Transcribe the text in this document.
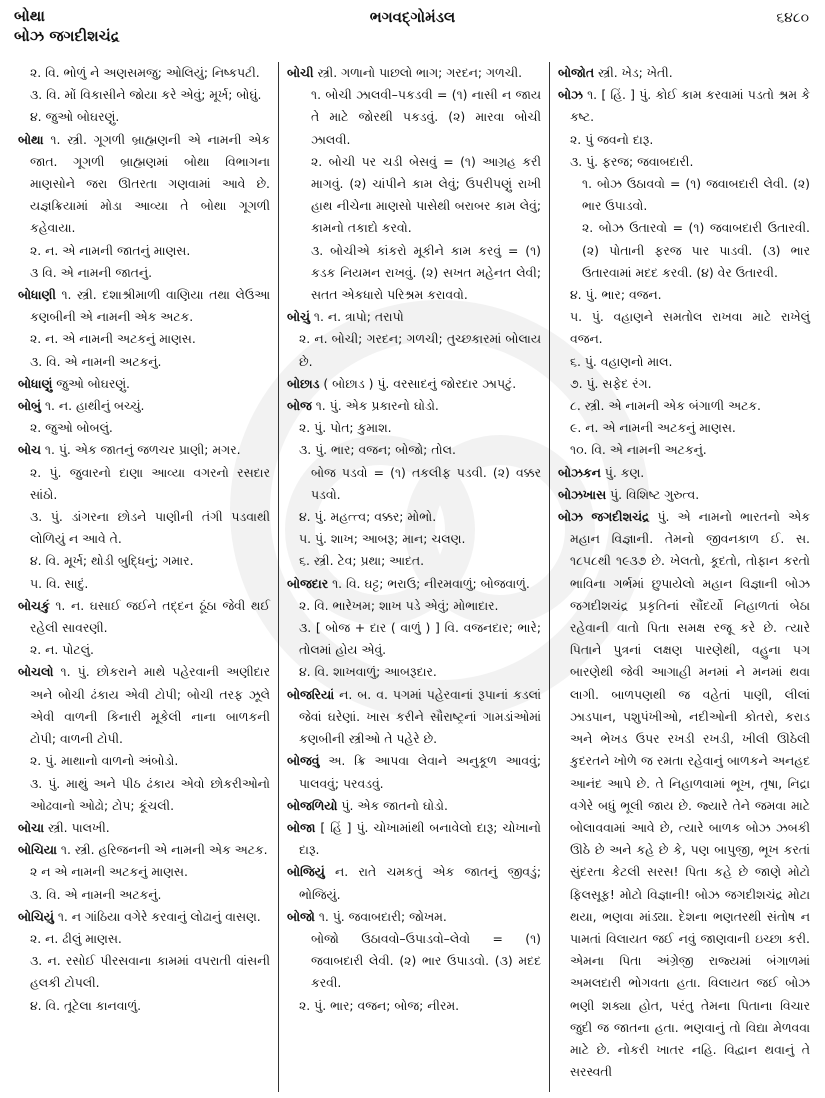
બોથા
બોઝ જગદીશચંદ્ર
ભગવદ્ગોમંડલ	૬૪૮૦
૨. વિ. ભોળું ને અણસમજુ; ઓલિયું; નિષ્કપટી.
૩. વિ. મોં વિકાસીને જોયા કરે એવું; મૂર્ખ; બોઘું.
૪. જુઓ બોઘરણું.
બોથા ૧. સ્ત્રી. ગૂગળી બ્રાહ્મણની એ નામની એક જાત. ગૂગળી બ્રાહ્મણમાં બોથા વિભાગના માણસોને જરા ઊતરતા ગણવામાં આવે છે. યજ્ઞક્રિયામાં મોડા આવ્યા તે બોથા ગૂગળી કહેવાયા.
૨. ન. એ નામની જાતનું માણસ.
૩ વિ. એ નામની જાતનું.
બોધાણી ૧. સ્ત્રી. દશાશ્રીમાળી વાણિયા તથા લેઉઆ કણબીની એ નામની એક અટક.
૨. ન. એ નામની અટકનું માણસ.
૩. વિ. એ નામની અટકનું.
બોધાણું જુઓ બોઘરણું.
બોબું ૧. ન. હાથીનું બચ્ચું.
૨. જુઓ બોબલું.
બોચ ૧. પું. એક જાતનું જળચર પ્રાણી; મગર.
૨. પું. જુવારનો દાણા આવ્યા વગરનો રસદાર સાંઠો.
૩. પું. ડાંગરના છોડને પાણીની તંગી પડવાથી લોળિયું ન આવે તે.
૪. વિ. મૂર્ખ; થોડી બુદ્ધિનું; ગમાર.
૫. વિ. સાદું.
બોચકું ૧. ન. ઘસાઈ જઈને તદ્દન ઠૂંઠા જેવી થઈ રહેલી સાવરણી.
૨. ન. પોટલું.
બોચલો ૧. પું. છોકરાને માથે પહેરવાની અણીદાર અને બોચી ઢંકાય એવી ટોપી; બોચી તરફ ઝૂલે એવી વાળની કિનારી મૂકેલી નાના બાળકની ટોપી; વાળની ટોપી.
૨. પું. માથાનો વાળનો અંબોડો.
૩. પું. માથું અને પીઠ ઢંકાય એવો છોકરીઓનો ઓઢવાનો ઓઢો; ટોપ; કૂંચલી.
બોચા સ્ત્રી. પાલખી.
બોચિયા ૧. સ્ત્રી. હરિજનની એ નામની એક અટક.
૨ ન એ નામની અટકનું માણસ.
૩. વિ. એ નામની અટકનું.
બોચિયું ૧. ન ગાંઠિયા વગેરે કરવાનું લોઢાનું વાસણ.
૨. ન. ઢીલું માણસ.
૩. ન. રસોઈ પીરસવાના કામમાં વપરાતી વાંસની હલકી ટોપલી.
૪. વિ. તૂટેલા કાનવાળું.
બોચી સ્ત્રી. ગળાનો પાછલો ભાગ; ગરદન; ગળચી.
૧. બોચી ઝાલવી–પકડવી = (૧) નાસી ન જાય તે માટે જોરથી પકડવું. (૨) મારવા બોચી ઝાલવી.
૨. બોચી પર ચડી બેસવું = (૧) આગ્રહ કરી માગવું. (૨) ચાંપીને કામ લેવું; ઉપરીપણું રાખી હાથ નીચેના માણસો પાસેથી બરાબર કામ લેવું; કામનો તકાદો કરવો.
૩. બોચીએ કાંકરો મૂકીને કામ કરવું = (૧) કડક નિયમન રાખવું. (૨) સખત મહેનત લેવી; સતત એકધારો પરિશ્રમ કરાવવો.
બોચું ૧. ન. ત્રાપો; તરાપો
૨. ન. બોચી; ગરદન; ગળચી; તુચ્છકારમાં બોલાય છે.
બોછાડ ( બોછાડ ) પું. વરસાદનું જોરદાર ઝાપટું.
બોજ ૧. પું. એક પ્રકારનો ઘોડો.
૨. પું. પોત; કુમાશ.
૩. પું. ભાર; વજન; બોજો; તોલ.
બોજ પડવો = (૧) તકલીફ પડવી. (૨) વક્કર પડવો.
૪. પું. મહત્ત્વ; વક્કર; મોભો.
૫. પું. શાખ; આબરૂ; માન; ચલણ.
૬. સ્ત્રી. ટેવ; પ્રથા; આદત.
બોજદાર ૧. વિ. ઘટ્ટ; ભરાઉ; નીરમવાળું; બોજવાળું.
૨. વિ. ભારેખમ; શાખ પડે એવું; મોભાદાર.
૩. [ બોજ + દાર ( વાળું ) ] વિ. વજનદાર; ભારે; તોલમાં હોય એવું.
૪. વિ. શાખવાળું; આબરૂદાર.
બોજરિયાં ન. બ. વ. પગમાં પહેરવાનાં રૂપાનાં કડલાં જેવાં ઘરેણાં. ખાસ કરીને સૌરાષ્ટ્રનાં ગામડાંઓમાં કણબીની સ્ત્રીઓ તે પહેરે છે.
બોજવું અ. ક્રિ આપવા લેવાને અનુકૂળ આવવું; પાલવવું; પરવડવું.
બોજળિયો પું. એક જાતનો ઘોડો.
બોજા [ હિં ] પું. ચોખામાંથી બનાવેલો દારૂ; ચોખાનો દારૂ.
બોજિયું ન. રાતે ચમકતું એક જાતનું જીવડું; ભોજિયું.
બોજો ૧. પું. જવાબદારી; જોખમ.
બોજો ઉઠાવવો–ઉપાડવો–લેવો = (૧) જવાબદારી લેવી. (૨) ભાર ઉપાડવો. (૩) મદદ કરવી.
૨. પું. ભાર; વજન; બોજ; નીરમ.
બોજોત સ્ત્રી. ખેડ; ખેતી.
બોઝ ૧. [ હિં. ] પું. કોઈ કામ કરવામાં પડતો શ્રમ કે કષ્ટ.
૨. પું જવનો દારૂ.
૩. પું. ફરજ; જવાબદારી.
૧. બોઝ ઉઠાવવો = (૧) જવાબદારી લેવી. (૨) ભાર ઉપાડવો.
૨. બોઝ ઉતારવો = (૧) જવાબદારી ઉતારવી. (૨) પોતાની ફરજ પાર પાડવી. (૩) ભાર ઉતારવામાં મદદ કરવી. (૪) વેર ઉતારવી.
૪. પું. ભાર; વજન.
૫. પું. વહાણને સમતોલ રાખવા માટે રાખેલું વજન.
૬. પું. વહાણનો માલ.
૭. પું. સફેદ રંગ.
૮. સ્ત્રી. એ નામની એક બંગાળી અટક.
૯. ન. એ નામની અટકનું માણસ.
૧૦. વિ. એ નામની અટકનું.
બોઝકન પું. કણ.
બોઝખાસ પું. વિશિષ્ટ ગુરુત્વ.
બોઝ જગદીશચંદ્ર પું. એ નામનો ભારતનો એક મહાન વિજ્ઞાની. તેમનો જીવનકાળ ઈ. સ. ૧૮૫૮થી ૧૯૩૭ છે. ખેલતો, કૂદતો, તોફાન કરતો ભાવિના ગર્ભમાં છુપાયેલો મહાન વિજ્ઞાની બોઝ જગદીશચંદ્ર પ્રકૃતિનાં સૌંદર્યો નિહાળતાં બેઠા રહેવાની વાતો પિતા સમક્ષ રજૂ કરે છે. ત્યારે પિતાને પુત્રનાં લક્ષણ પારણેથી, વહુના પગ બારણેથી જેવી આગાહી મનમાં ને મનમાં થવા લાગી. બાળપણથી જ વહેતાં પાણી, લીલાં ઝાડપાન, પશુપંખીઓ, નદીઓની કોતરો, કરાડ અને ભેખડ ઉપર રખડી રખડી, ખીલી ઊઠેલી કુદરતને ખોળે જ રમતા રહેવાનું બાળકને અનહદ આનંદ આપે છે. તે નિહાળવામાં ભૂખ, તૃષા, નિદ્રા વગેરે બધું ભૂલી જાય છે. જ્યારે તેને જમવા માટે બોલાવવામાં આવે છે, ત્યારે બાળક બોઝ ઝબકી ઊઠે છે અને કહે છે કે, પણ બાપુજી, ભૂખ કરતાં સુંદરતા કેટલી સરસ! પિતા કહે છે જાણે મોટો ફિલસૂફ! મોટો વિજ્ઞાની! બોઝ જગદીશચંદ્ર મોટા થયા, ભણવા માંડ્યા. દેશના ભણતરથી સંતોષ ન પામતાં વિલાયત જઈ નવું જાણવાની ઇચ્છા કરી. એમના પિતા અંગ્રેજી રાજ્યમાં બંગાળમાં અમલદારી ભોગવતા હતા. વિલાયત જઈ બોઝ ભણી શક્યા હોત, પરંતુ તેમના પિતાના વિચાર જુદી જ જાતના હતા. ભણવાનું તો વિદ્યા મેળવવા માટે છે. નોકરી ખાતર નહિ. વિદ્વાન થવાનું તે સરસ્વતી
